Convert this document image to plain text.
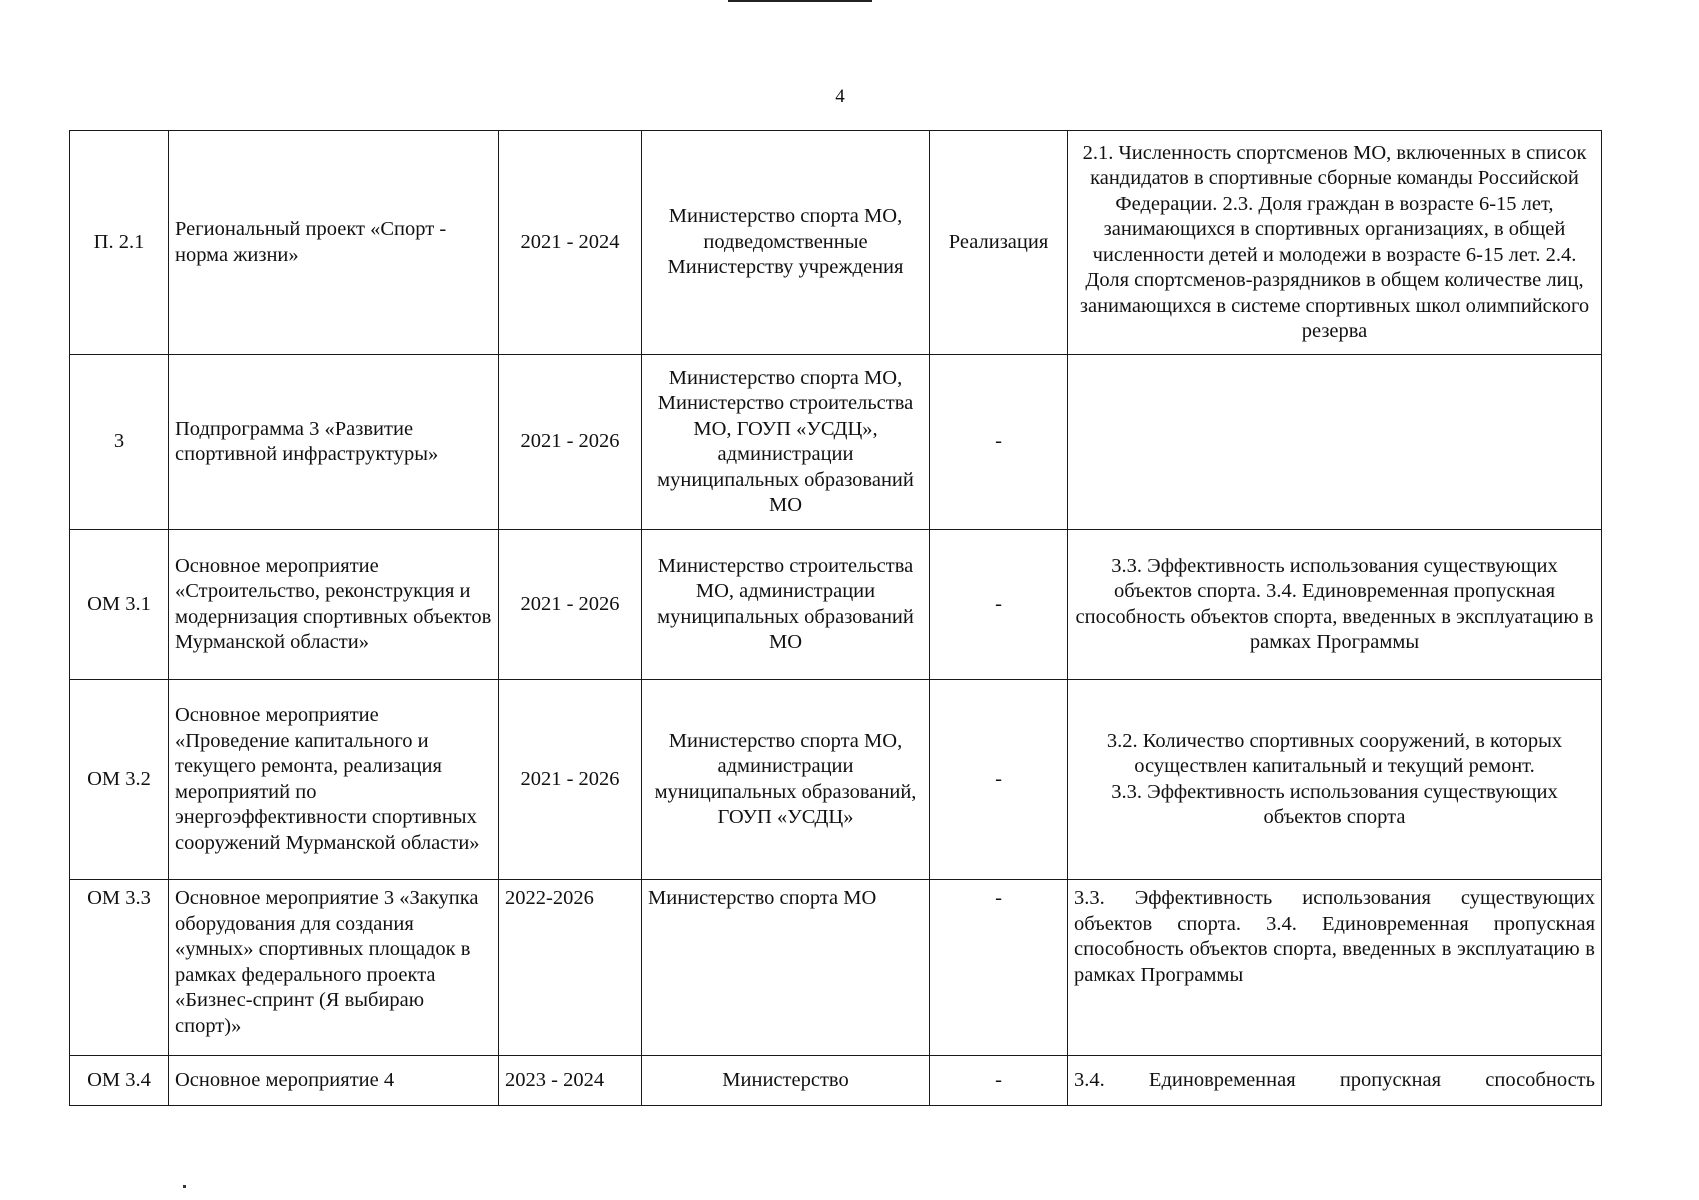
4
П. 2.1	Региональный проект «Спорт - норма жизни»	2021 - 2024	Министерство спорта МО, подведомственные Министерству учреждения	Реализация	2.1. Численность спортсменов МО, включенных в список кандидатов в спортивные сборные команды Российской Федерации. 2.3. Доля граждан в возрасте 6-15 лет, занимающихся в спортивных организациях, в общей численности детей и молодежи в возрасте 6-15 лет. 2.4. Доля спортсменов-разрядников в общем количестве лиц, занимающихся в системе спортивных школ олимпийского резерва
3	Подпрограмма 3 «Развитие спортивной инфраструктуры»	2021 - 2026	Министерство спорта МО, Министерство строительства МО, ГОУП «УСДЦ», администрации муниципальных образований МО	-	
ОМ 3.1	Основное мероприятие «Строительство, реконструкция и модернизация спортивных объектов Мурманской области»	2021 - 2026	Министерство строительства МО, администрации муниципальных образований МО	-	3.3. Эффективность использования существующих объектов спорта. 3.4. Единовременная пропускная способность объектов спорта, введенных в эксплуатацию в рамках Программы
ОМ 3.2	Основное мероприятие «Проведение капитального и текущего ремонта, реализация мероприятий по энергоэффективности спортивных сооружений Мурманской области»	2021 - 2026	Министерство спорта МО, администрации муниципальных образований, ГОУП «УСДЦ»	-	3.2. Количество спортивных сооружений, в которых осуществлен капитальный и текущий ремонт.
3.3. Эффективность использования существующих объектов спорта

ОМ 3.3	Основное мероприятие 3 «Закупка оборудования для создания «умных» спортивных площадок в рамках федерального проекта «Бизнес-спринт (Я выбираю спорт)»	2022-2026	Министерство спорта МО	-	3.3. Эффективность использования существующих объектов спорта. 3.4. Единовременная пропускная способность объектов спорта, введенных в эксплуатацию в рамках Программы
ОМ 3.4	Основное мероприятие 4	2023 - 2024	Министерство	-	3.4. Единовременная пропускная способность
